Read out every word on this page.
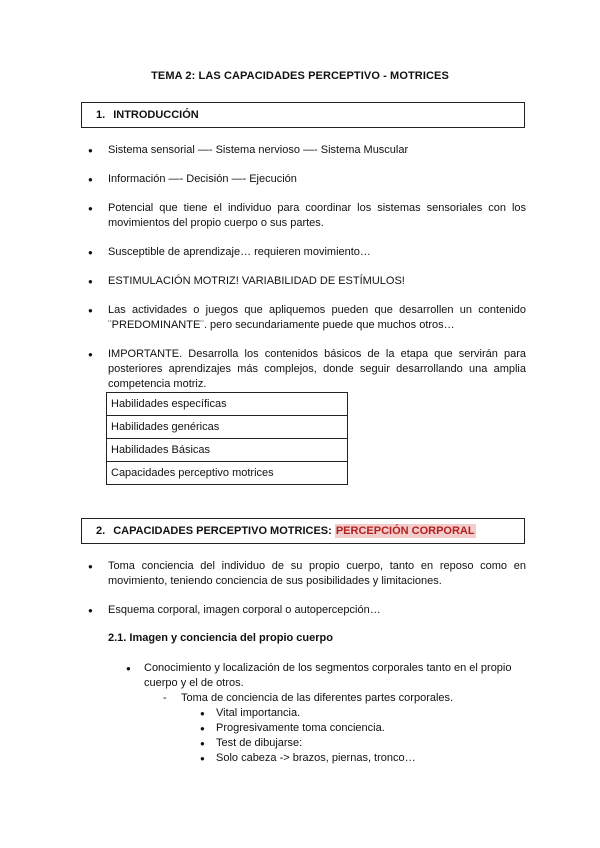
TEMA 2: LAS CAPACIDADES PERCEPTIVO - MOTRICES
1. INTRODUCCIÓN
● Sistema sensorial —- Sistema nervioso —- Sistema Muscular
● Información —- Decisión —- Ejecución
● Potencial que tiene el individuo para coordinar los sistemas sensoriales con los movimientos del propio cuerpo o sus partes.
● Susceptible de aprendizaje… requieren movimiento…
● ESTIMULACIÓN MOTRIZ! VARIABILIDAD DE ESTÍMULOS!
● Las actividades o juegos que apliquemos pueden que desarrollen un contenido ¨PREDOMINANTE¨. pero secundariamente puede que muchos otros…
● IMPORTANTE. Desarrolla los contenidos básicos de la etapa que servirán para posteriores aprendizajes más complejos, donde seguir desarrollando una amplia competencia motriz.
Habilidades específicas
Habilidades genéricas
Habilidades Básicas
Capacidades perceptivo motrices
2. CAPACIDADES PERCEPTIVO MOTRICES:
PERCEPCIÓN CORPORAL
● Toma conciencia del individuo de su propio cuerpo, tanto en reposo como en movimiento, teniendo conciencia de sus posibilidades y limitaciones.
● Esquema corporal, imagen corporal o autopercepción…
2.1. Imagen y conciencia del propio cuerpo
● Conocimiento y localización de los segmentos corporales tanto en el propio cuerpo y el de otros.
- Toma de conciencia de las diferentes partes corporales.
● Vital importancia.
● Progresivamente toma conciencia.
● Test de dibujarse:
● Solo cabeza -> brazos, piernas, tronco…
